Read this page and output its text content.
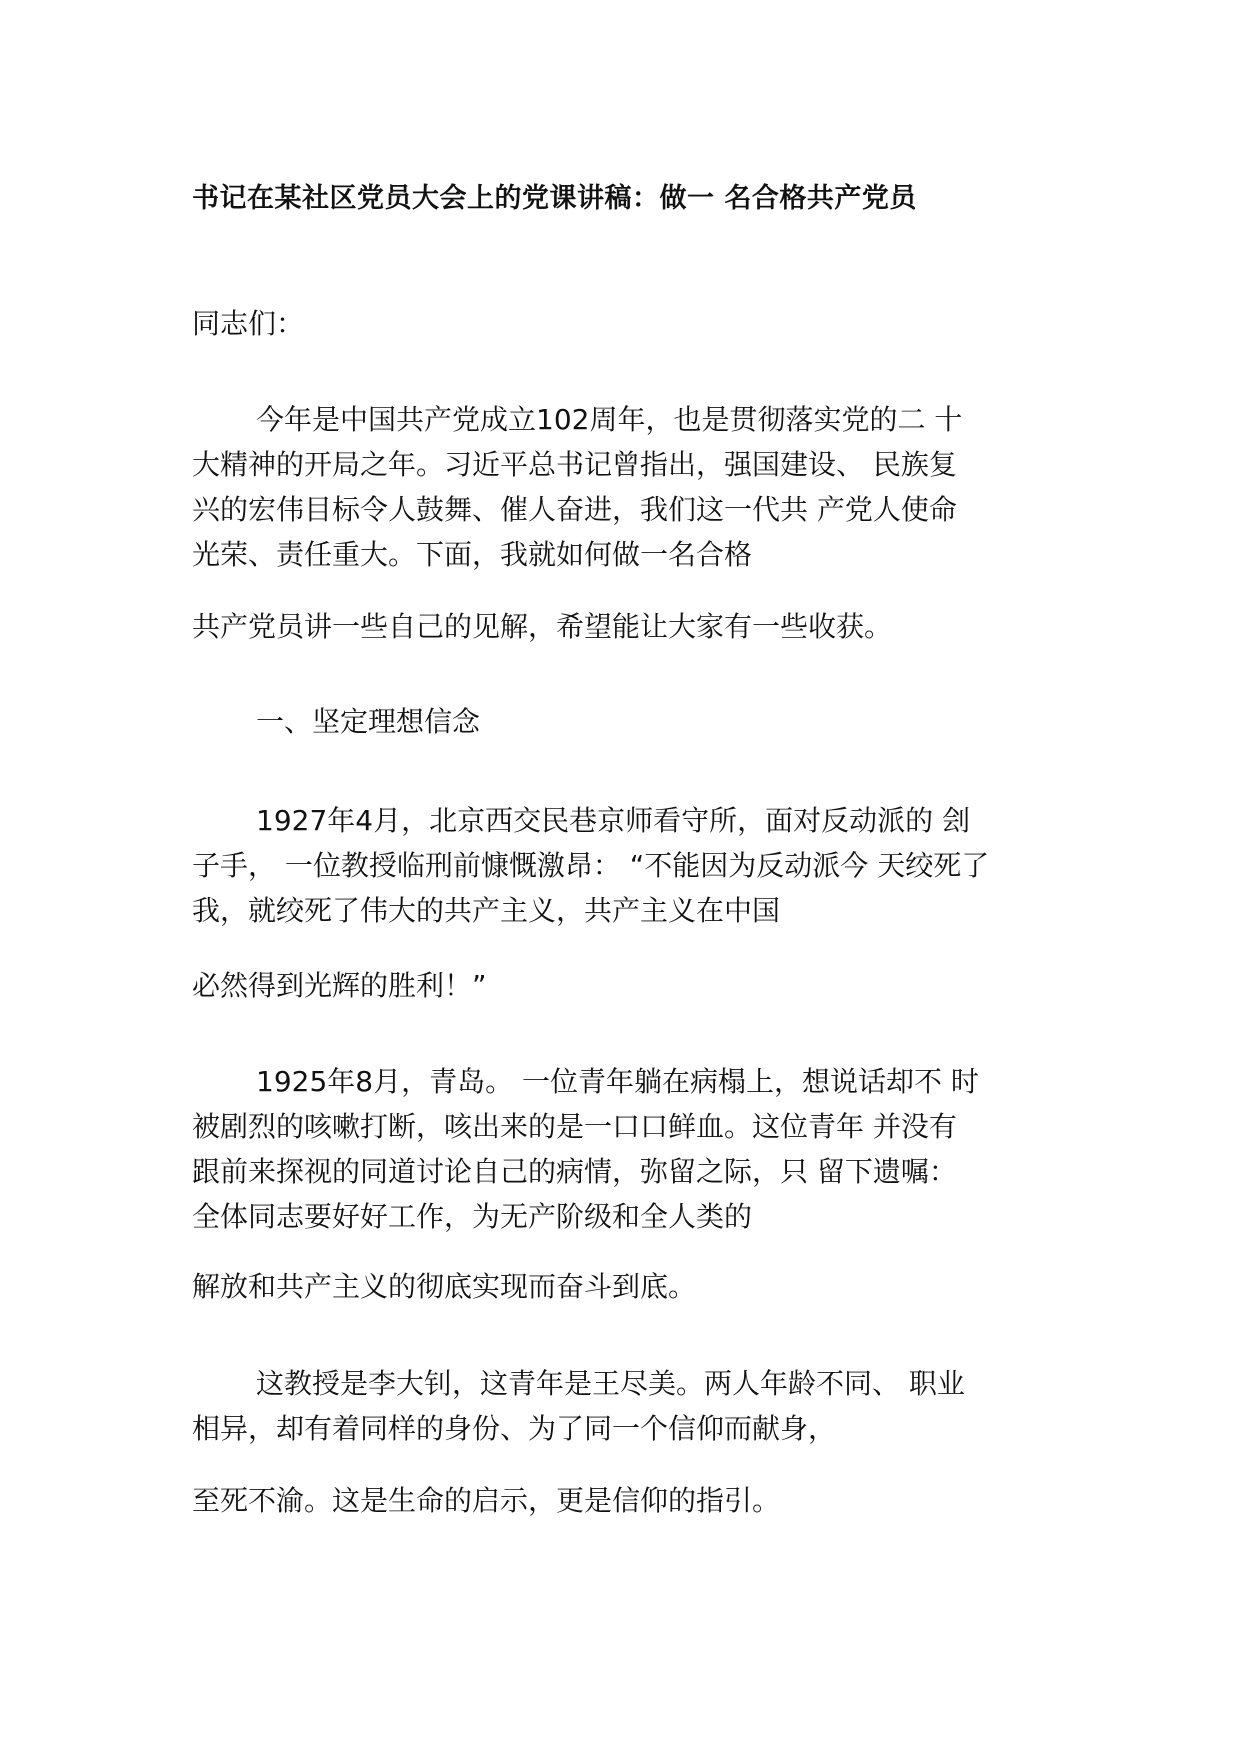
书记在某社区党员大会上的党课讲稿：做一 名合格共产党员
同志们：
今年是中国共产党成立102周年，也是贯彻落实党的二 十
大精神的开局之年。习近平总书记曾指出，强国建设、 民族复
兴的宏伟目标令人鼓舞、催人奋进，我们这一代共 产党人使命
光荣、责任重大。下面，我就如何做一名合格
共产党员讲一些自己的见解，希望能让大家有一些收获。
一、坚定理想信念
1927年4月，北京西交民巷京师看守所，面对反动派的 刽
子手， 一位教授临刑前慷慨激昂： “不能因为反动派今 天绞死了
我，就绞死了伟大的共产主义，共产主义在中国
必然得到光辉的胜利！”
1925年8月，青岛。 一位青年躺在病榻上，想说话却不 时
被剧烈的咳嗽打断，咳出来的是一口口鲜血。这位青年 并没有
跟前来探视的同道讨论自己的病情，弥留之际，只 留下遗嘱：
全体同志要好好工作，为无产阶级和全人类的
解放和共产主义的彻底实现而奋斗到底。
这教授是李大钊，这青年是王尽美。两人年龄不同、 职业
相异，却有着同样的身份、为了同一个信仰而献身，
至死不渝。这是生命的启示，更是信仰的指引。
